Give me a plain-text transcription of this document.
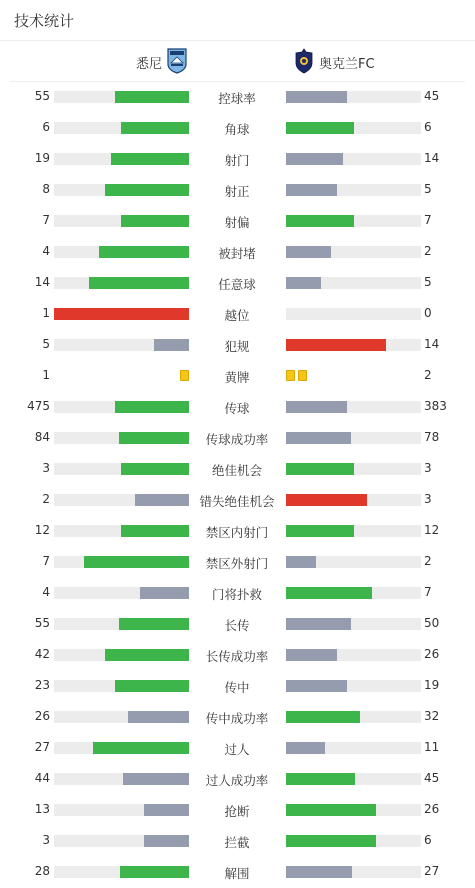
技术统计
悉尼	奥克兰FC
55	控球率	45
6	角球	6
19	射门	14
8	射正	5
7	射偏	7
4	被封堵	2
14	任意球	5
1	越位	0
5	犯规	14
1	黄牌	2
475	传球	383
84	传球成功率	78
3	绝佳机会	3
2	错失绝佳机会	3
12	禁区内射门	12
7	禁区外射门	2
4	门将扑救	7
55	长传	50
42	长传成功率	26
23	传中	19
26	传中成功率	32
27	过人	11
44	过人成功率	45
13	抢断	26
3	拦截	6
28	解围	27
